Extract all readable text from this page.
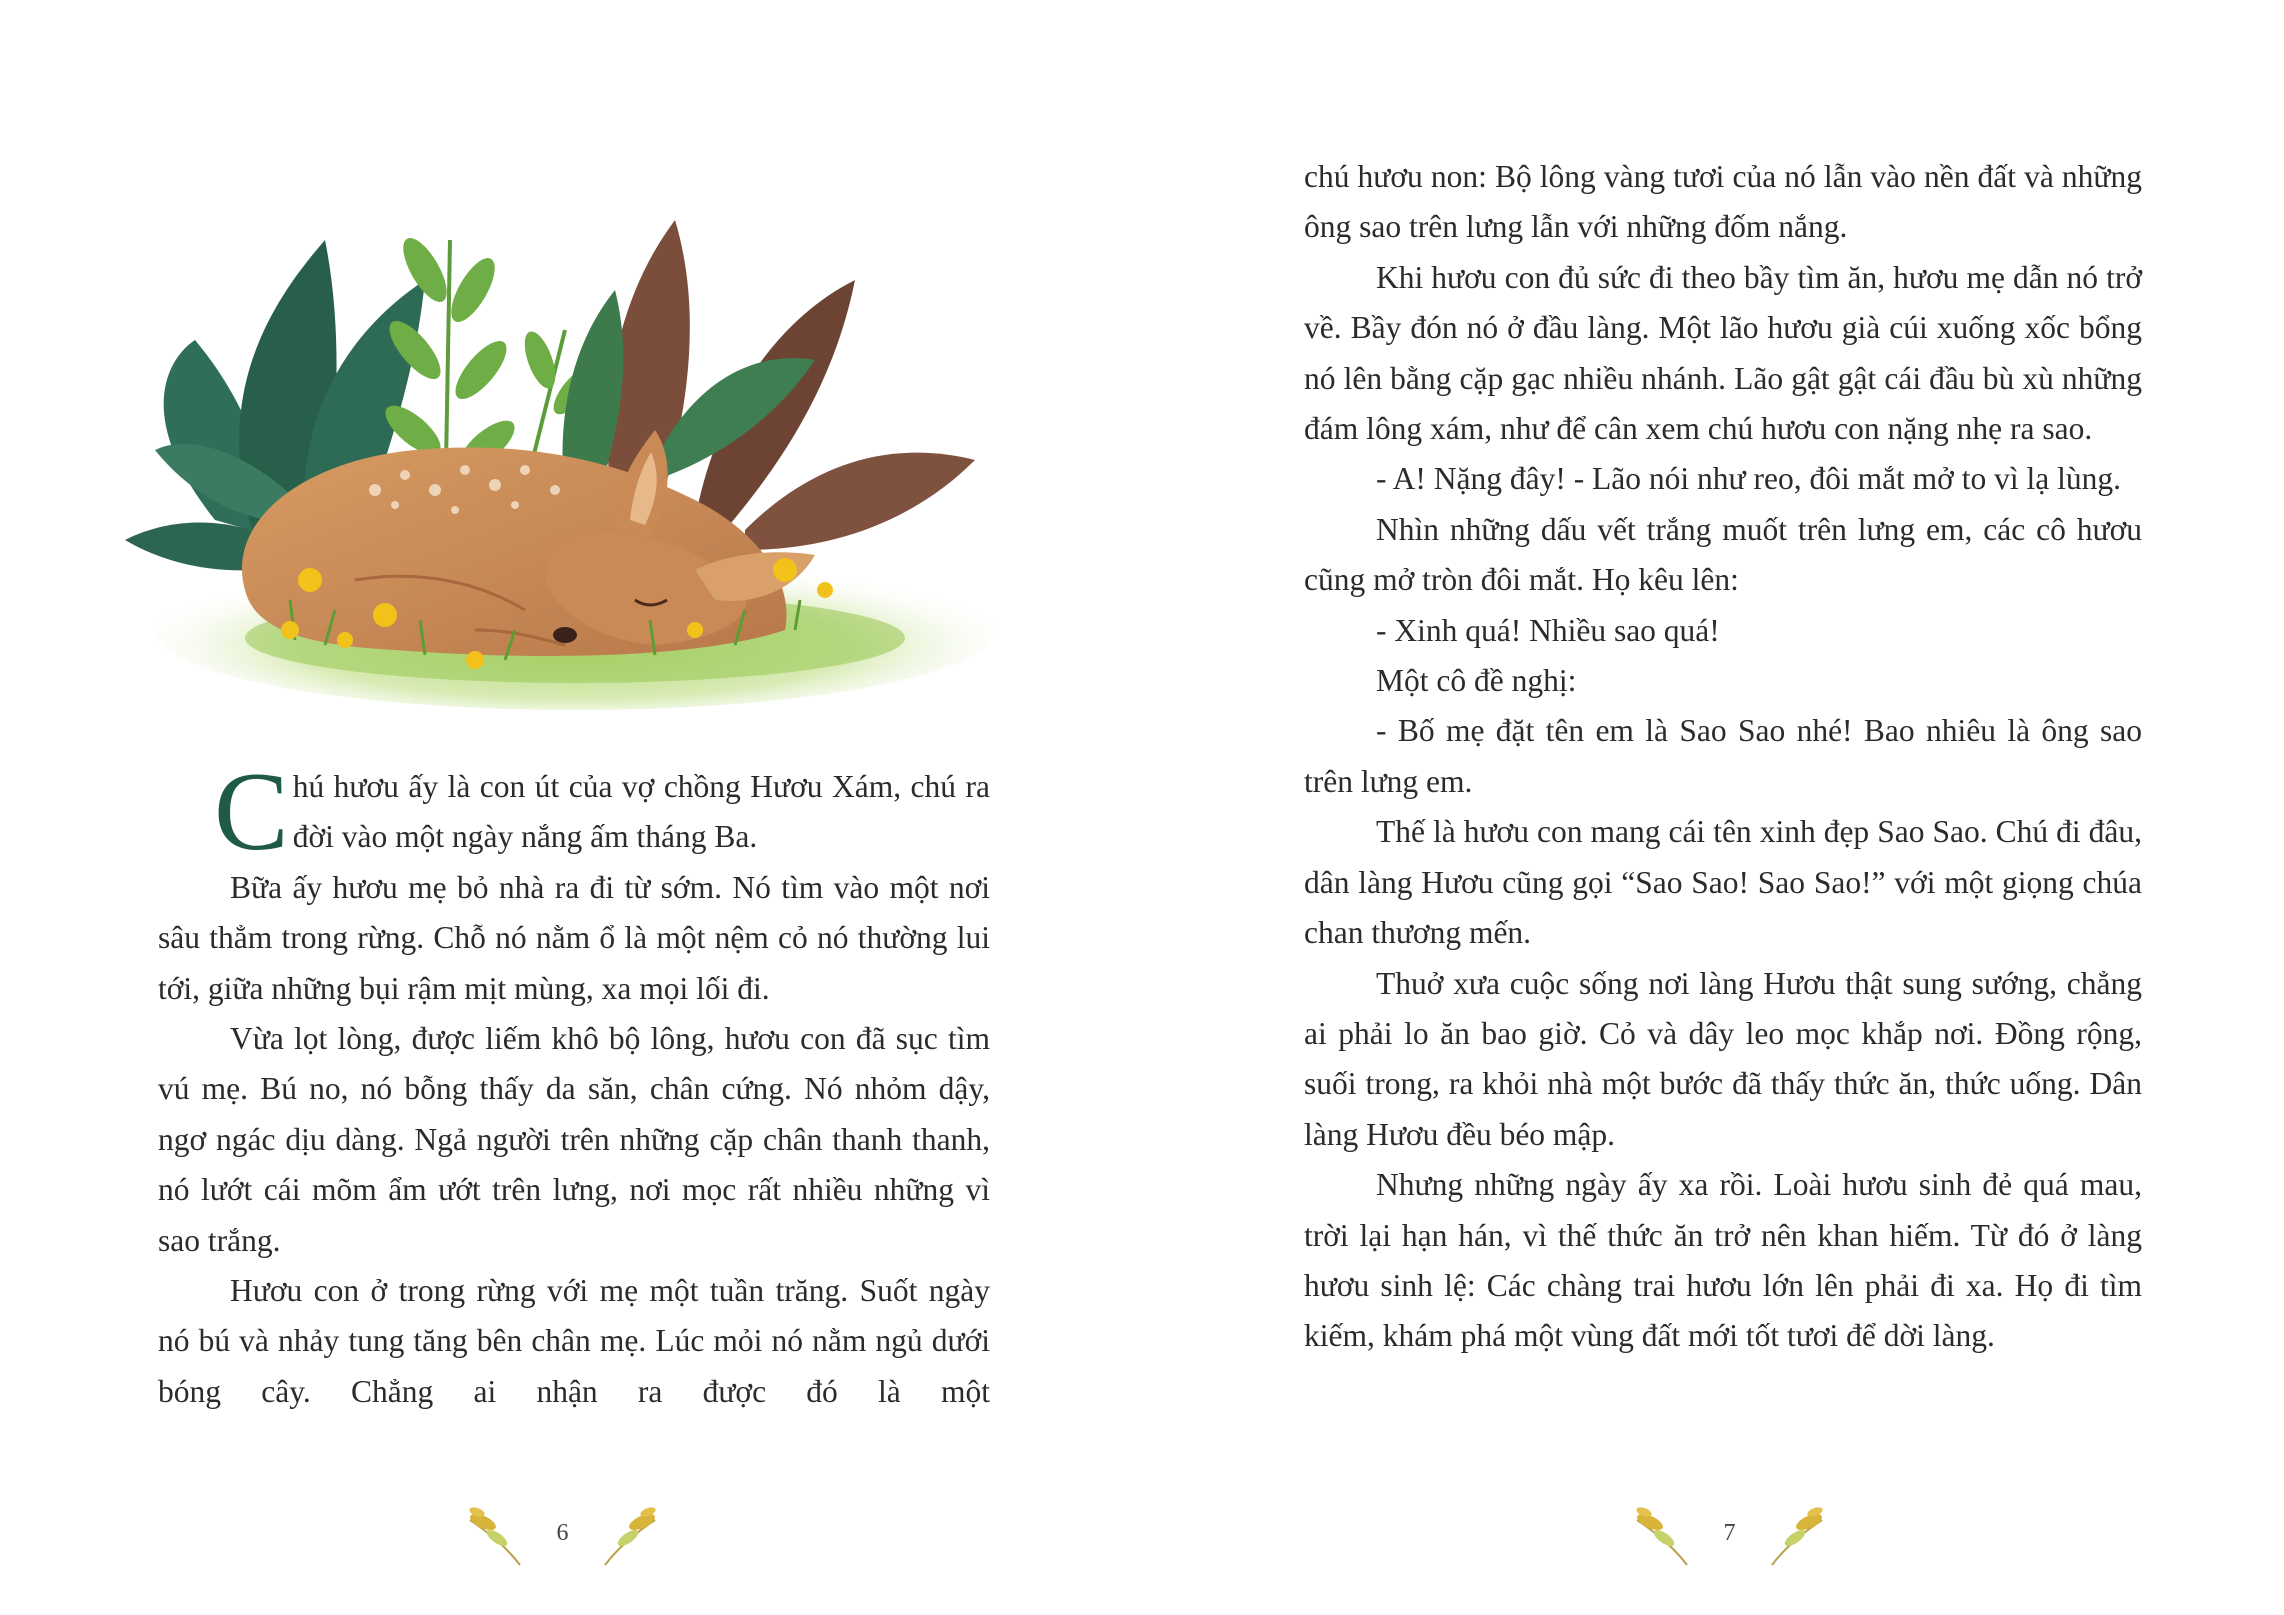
Chú hươu ấy là con út của vợ chồng Hươu Xám, chú ra đời vào một ngày nắng ấm tháng Ba.

Bữa ấy hươu mẹ bỏ nhà ra đi từ sớm. Nó tìm vào một nơi sâu thẳm trong rừng. Chỗ nó nằm ổ là một nệm cỏ nó thường lui tới, giữa những bụi rậm mịt mùng, xa mọi lối đi.

Vừa lọt lòng, được liếm khô bộ lông, hươu con đã sục tìm vú mẹ. Bú no, nó bỗng thấy da săn, chân cứng. Nó nhỏm dậy, ngơ ngác dịu dàng. Ngả người trên những cặp chân thanh thanh, nó lướt cái mõm ẩm ướt trên lưng, nơi mọc rất nhiều những vì sao trắng.

Hươu con ở trong rừng với mẹ một tuần trăng. Suốt ngày nó bú và nhảy tung tăng bên chân mẹ. Lúc mỏi nó nằm ngủ dưới bóng cây. Chẳng ai nhận ra được đó là một

6

chú hươu non: Bộ lông vàng tươi của nó lẫn vào nền đất và những ông sao trên lưng lẫn với những đốm nắng.

Khi hươu con đủ sức đi theo bầy tìm ăn, hươu mẹ dẫn nó trở về. Bầy đón nó ở đầu làng. Một lão hươu già cúi xuống xốc bổng nó lên bằng cặp gạc nhiều nhánh. Lão gật gật cái đầu bù xù những đám lông xám, như để cân xem chú hươu con nặng nhẹ ra sao.

- A! Nặng đây! - Lão nói như reo, đôi mắt mở to vì lạ lùng.

Nhìn những dấu vết trắng muốt trên lưng em, các cô hươu cũng mở tròn đôi mắt. Họ kêu lên:

- Xinh quá! Nhiều sao quá!

Một cô đề nghị:

- Bố mẹ đặt tên em là Sao Sao nhé! Bao nhiêu là ông sao trên lưng em.

Thế là hươu con mang cái tên xinh đẹp Sao Sao. Chú đi đâu, dân làng Hươu cũng gọi “Sao Sao! Sao Sao!” với một giọng chúa chan thương mến.

Thuở xưa cuộc sống nơi làng Hươu thật sung sướng, chẳng ai phải lo ăn bao giờ. Cỏ và dây leo mọc khắp nơi. Đồng rộng, suối trong, ra khỏi nhà một bước đã thấy thức ăn, thức uống. Dân làng Hươu đều béo mập.

Nhưng những ngày ấy xa rồi. Loài hươu sinh đẻ quá mau, trời lại hạn hán, vì thế thức ăn trở nên khan hiếm. Từ đó ở làng hươu sinh lệ: Các chàng trai hươu lớn lên phải đi xa. Họ đi tìm kiếm, khám phá một vùng đất mới tốt tươi để dời làng.

7
